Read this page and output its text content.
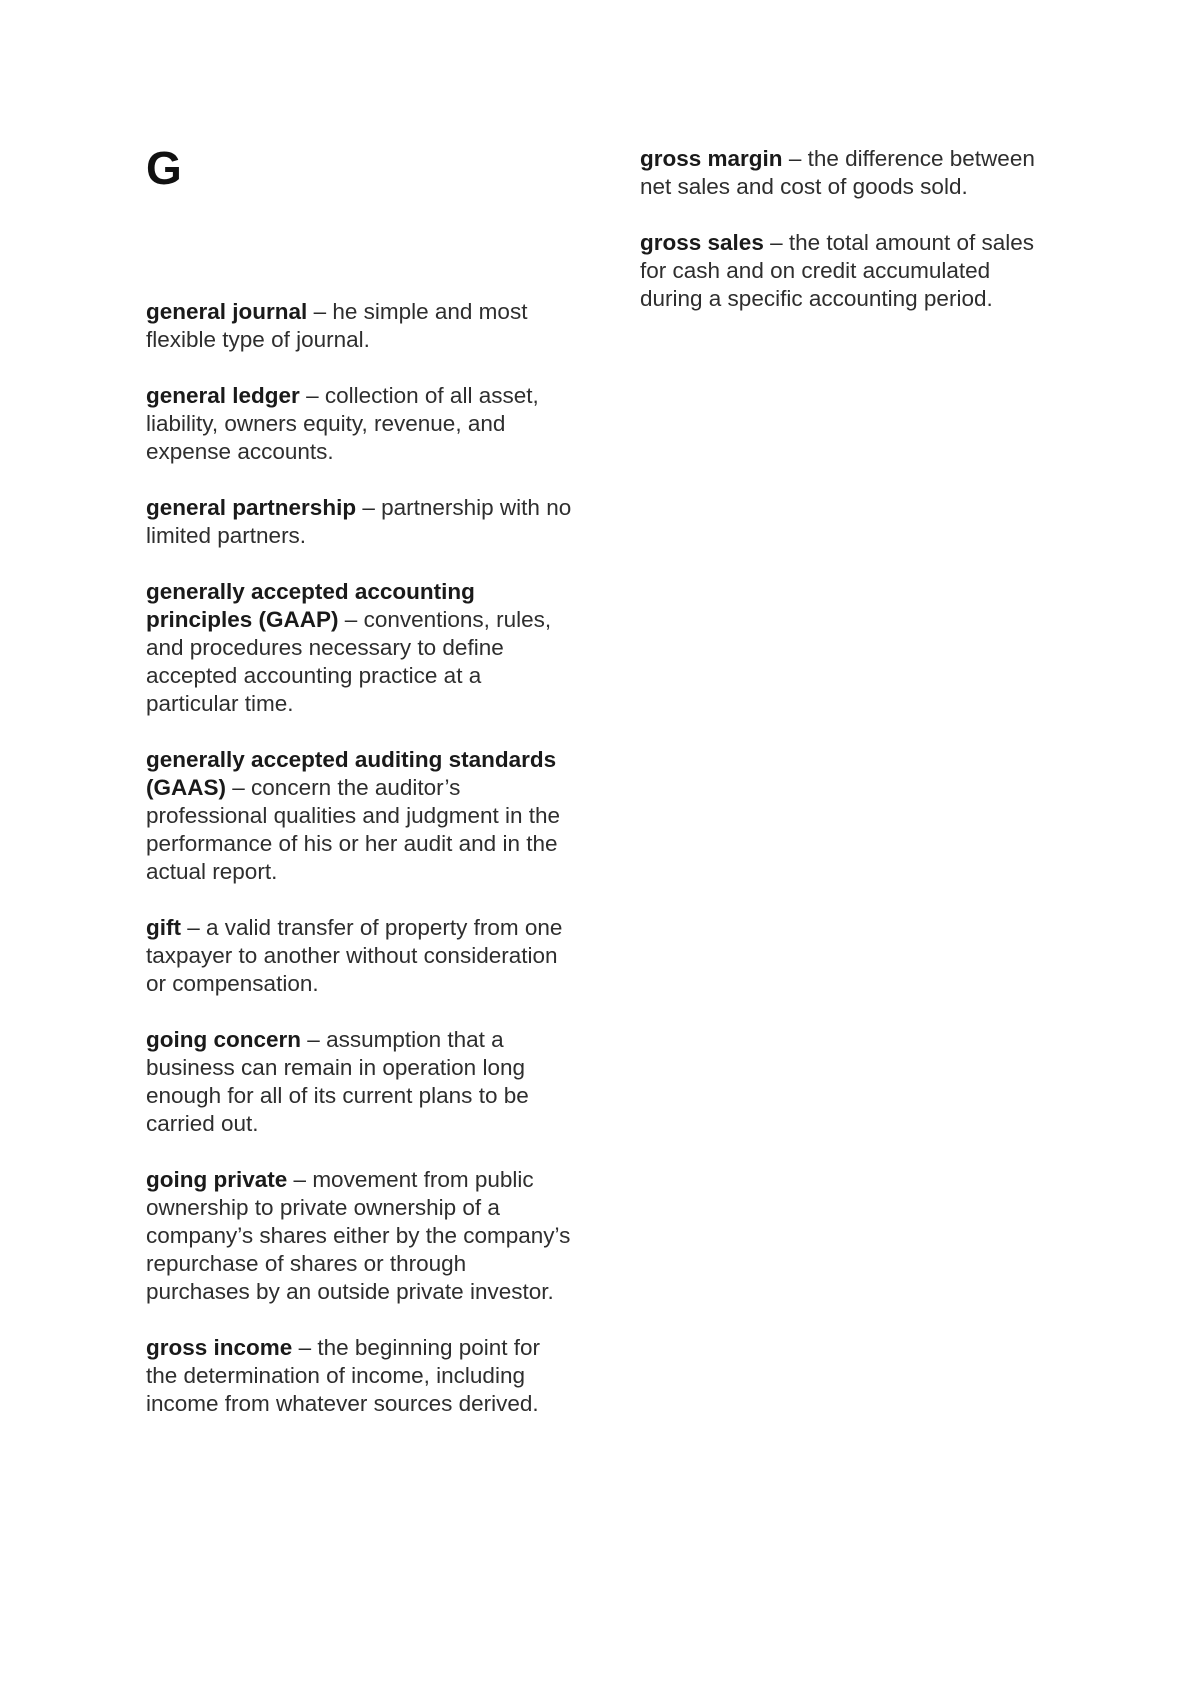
G

general journal – he simple and most flexible type of journal.

general ledger – collection of all asset, liability, owners equity, revenue, and expense accounts.

general partnership – partnership with no limited partners.

generally accepted accounting principles (GAAP) – conventions, rules, and procedures necessary to define accepted accounting practice at a particular time.

generally accepted auditing standards (GAAS) – concern the auditor’s professional qualities and judgment in the performance of his or her audit and in the actual report.

gift – a valid transfer of property from one taxpayer to another without consideration or compensation.

going concern – assumption that a business can remain in operation long enough for all of its current plans to be carried out.

going private – movement from public ownership to private ownership of a company’s shares either by the company’s repurchase of shares or through purchases by an outside private investor.

gross income – the beginning point for the determination of income, including income from whatever sources derived.

gross margin – the difference between net sales and cost of goods sold.

gross sales – the total amount of sales for cash and on credit accumulated during a specific accounting period.
